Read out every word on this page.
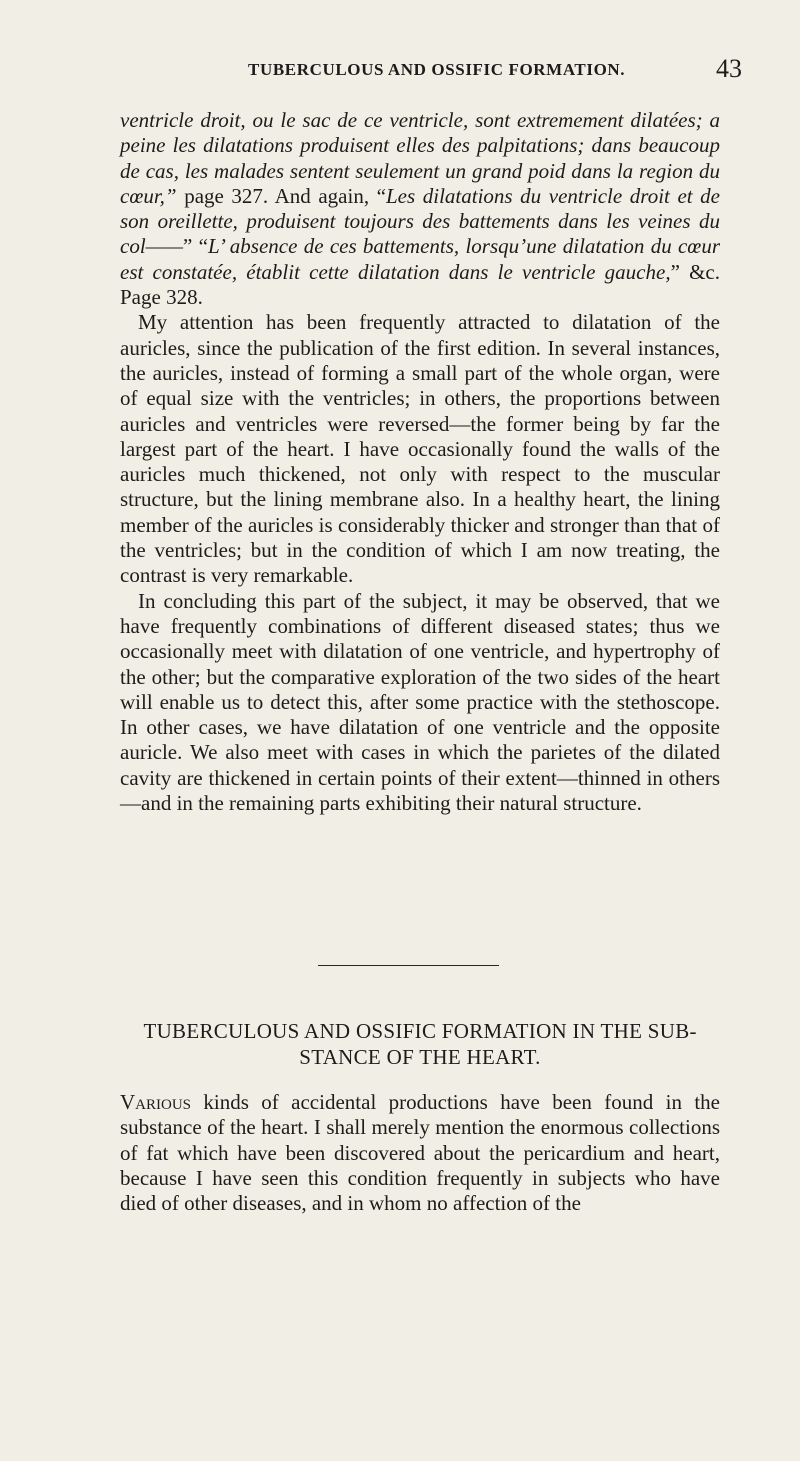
TUBERCULOUS AND OSSIFIC FORMATION.	43

ventricle droit, ou le sac de ce ventricle, sont extremement dilatées; a peine les dilatations produisent elles des palpitations; dans beaucoup de cas, les malades sentent seulement un grand poid dans la region du cœur,” page 327. And again, “Les dilatations du ventricle droit et de son oreillette, produisent toujours des battements dans les veines du col——” “L’ absence de ces battements, lorsqu’une dilatation du cœur est constatée, établit cette dilatation dans le ventricle gauche,” &c. Page 328.

My attention has been frequently attracted to dilatation of the auricles, since the publication of the first edition. In several instances, the auricles, instead of forming a small part of the whole organ, were of equal size with the ventricles; in others, the proportions between auricles and ventricles were reversed—the former being by far the largest part of the heart. I have occasionally found the walls of the auricles much thickened, not only with respect to the muscular structure, but the lining membrane also. In a healthy heart, the lining member of the auricles is considerably thicker and stronger than that of the ventricles; but in the condition of which I am now treating, the contrast is very remarkable.

In concluding this part of the subject, it may be observed, that we have frequently combinations of different diseased states; thus we occasionally meet with dilatation of one ventricle, and hypertrophy of the other; but the comparative exploration of the two sides of the heart will enable us to detect this, after some practice with the stethoscope. In other cases, we have dilatation of one ventricle and the opposite auricle. We also meet with cases in which the parietes of the dilated cavity are thickened in certain points of their extent—thinned in others—and in the remaining parts exhibiting their natural structure.

TUBERCULOUS AND OSSIFIC FORMATION IN THE SUBSTANCE OF THE HEART.

Various kinds of accidental productions have been found in the substance of the heart. I shall merely mention the enormous collections of fat which have been discovered about the pericardium and heart, because I have seen this condition frequently in subjects who have died of other diseases, and in whom no affection of the
